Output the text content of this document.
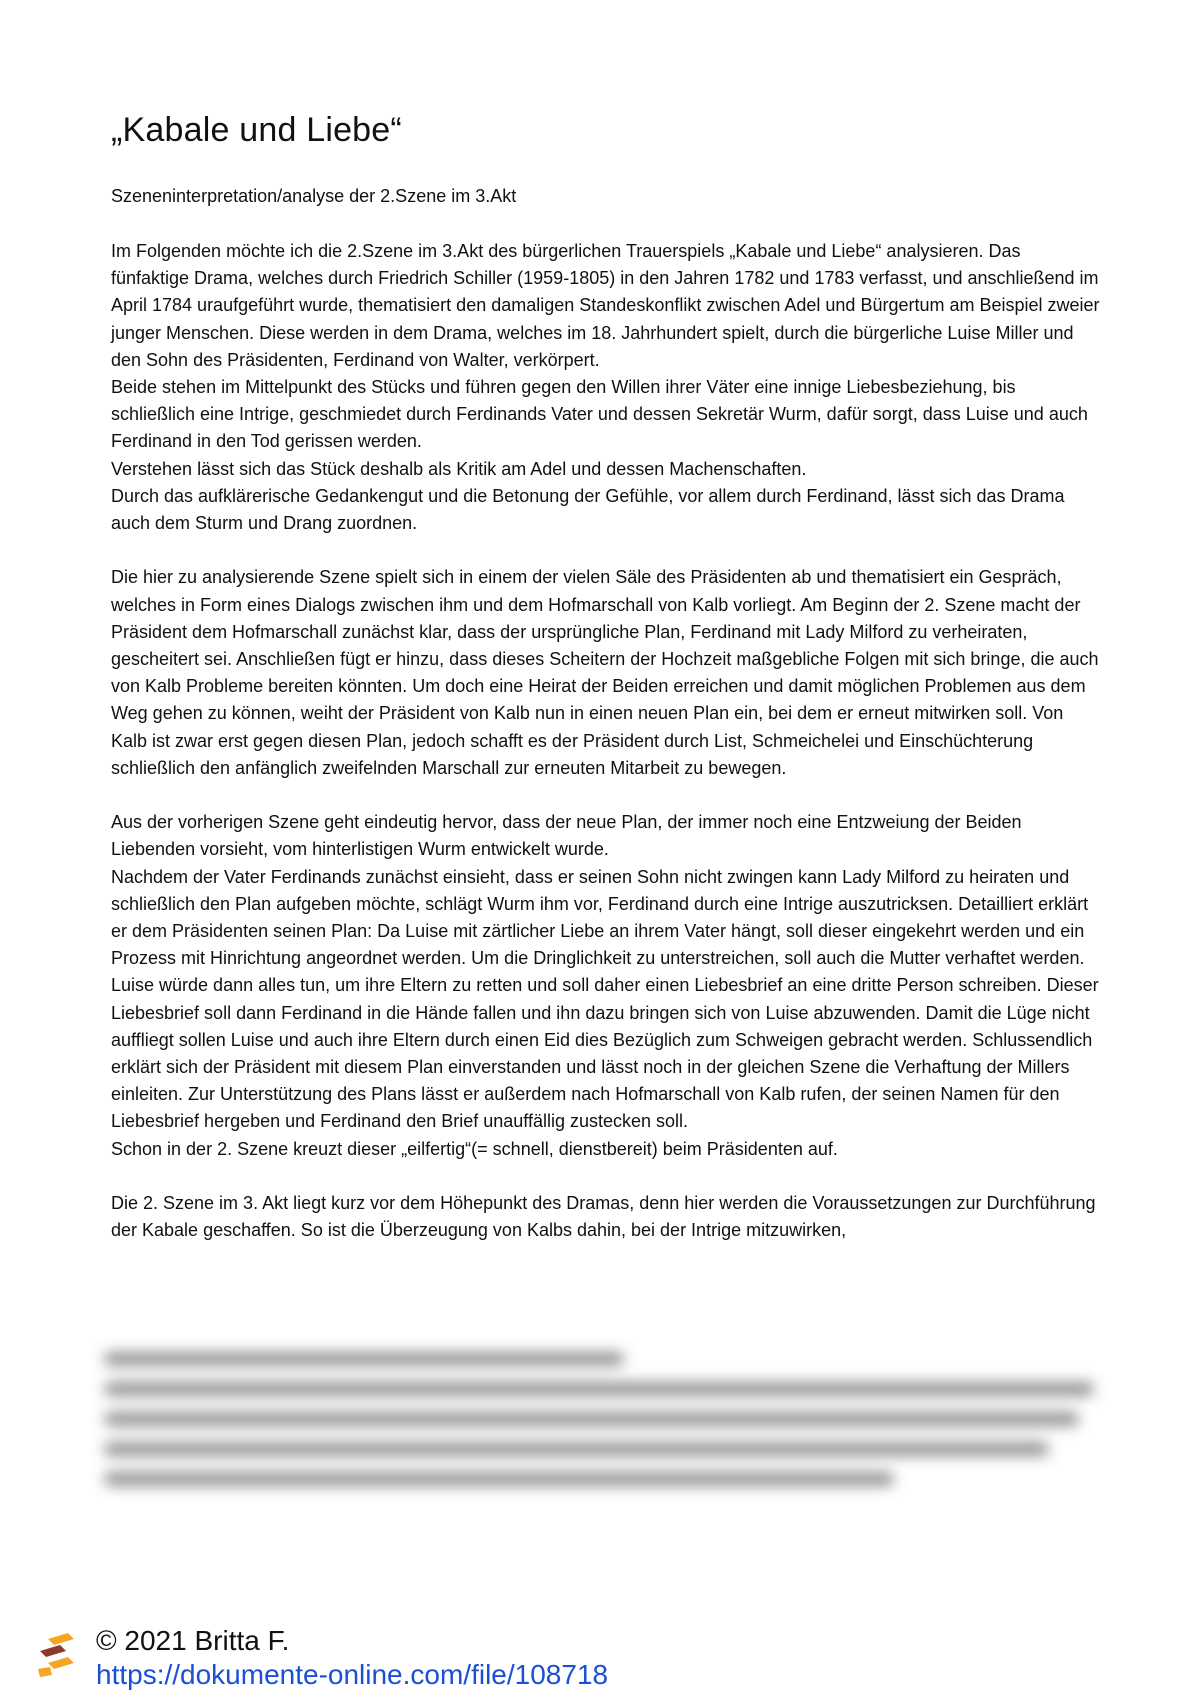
„Kabale und Liebe“
Szeneninterpretation/analyse der 2.Szene im 3.Akt
Im Folgenden möchte ich die 2.Szene im 3.Akt des bürgerlichen Trauerspiels „Kabale und Liebe“ analysieren. Das fünfaktige Drama, welches durch Friedrich Schiller (1959-1805) in den Jahren 1782 und 1783 verfasst, und anschließend im April 1784 uraufgeführt wurde, thematisiert den damaligen Standeskonflikt zwischen Adel und Bürgertum am Beispiel zweier junger Menschen. Diese werden in dem Drama, welches im 18. Jahrhundert spielt, durch die bürgerliche Luise Miller und den Sohn des Präsidenten, Ferdinand von Walter, verkörpert.
Beide stehen im Mittelpunkt des Stücks und führen gegen den Willen ihrer Väter eine innige Liebesbeziehung, bis schließlich eine Intrige, geschmiedet durch Ferdinands Vater und dessen Sekretär Wurm, dafür sorgt, dass Luise und auch Ferdinand in den Tod gerissen werden.
Verstehen lässt sich das Stück deshalb als Kritik am Adel und dessen Machenschaften.
Durch das aufklärerische Gedankengut und die Betonung der Gefühle, vor allem durch Ferdinand, lässt sich das Drama auch dem Sturm und Drang zuordnen.
Die hier zu analysierende Szene spielt sich in einem der vielen Säle des Präsidenten ab und thematisiert ein Gespräch, welches in Form eines Dialogs zwischen ihm und dem Hofmarschall von Kalb vorliegt. Am Beginn der 2. Szene macht der Präsident dem Hofmarschall zunächst klar, dass der ursprüngliche Plan, Ferdinand mit Lady Milford zu verheiraten, gescheitert sei. Anschließen fügt er hinzu, dass dieses Scheitern der Hochzeit maßgebliche Folgen mit sich bringe, die auch von Kalb Probleme bereiten könnten. Um doch eine Heirat der Beiden erreichen und damit möglichen Problemen aus dem Weg gehen zu können, weiht der Präsident von Kalb nun in einen neuen Plan ein, bei dem er erneut mitwirken soll. Von Kalb ist zwar erst gegen diesen Plan, jedoch schafft es der Präsident durch List, Schmeichelei und Einschüchterung schließlich den anfänglich zweifelnden Marschall zur erneuten Mitarbeit zu bewegen.
Aus der vorherigen Szene geht eindeutig hervor, dass der neue Plan, der immer noch eine Entzweiung der Beiden Liebenden vorsieht, vom hinterlistigen Wurm entwickelt wurde.
Nachdem der Vater Ferdinands zunächst einsieht, dass er seinen Sohn nicht zwingen kann Lady Milford zu heiraten und schließlich den Plan aufgeben möchte, schlägt Wurm ihm vor, Ferdinand durch eine Intrige auszutricksen. Detailliert erklärt er dem Präsidenten seinen Plan: Da Luise mit zärtlicher Liebe an ihrem Vater hängt, soll dieser eingekehrt werden und ein Prozess mit Hinrichtung angeordnet werden. Um die Dringlichkeit zu unterstreichen, soll auch die Mutter verhaftet werden. Luise würde dann alles tun, um ihre Eltern zu retten und soll daher einen Liebesbrief an eine dritte Person schreiben. Dieser Liebesbrief soll dann Ferdinand in die Hände fallen und ihn dazu bringen sich von Luise abzuwenden. Damit die Lüge nicht auffliegt sollen Luise und auch ihre Eltern durch einen Eid dies Bezüglich zum Schweigen gebracht werden. Schlussendlich erklärt sich der Präsident mit diesem Plan einverstanden und lässt noch in der gleichen Szene die Verhaftung der Millers einleiten. Zur Unterstützung des Plans lässt er außerdem nach Hofmarschall von Kalb rufen, der seinen Namen für den Liebesbrief hergeben und Ferdinand den Brief unauffällig zustecken soll.
Schon in der 2. Szene kreuzt dieser „eilfertig“(= schnell, dienstbereit) beim Präsidenten auf.
Die 2. Szene im 3. Akt liegt kurz vor dem Höhepunkt des Dramas, denn hier werden die Voraussetzungen zur Durchführung der Kabale geschaffen. So ist die Überzeugung von Kalbs dahin, bei der Intrige mitzuwirken,
© 2021 Britta F.
https://dokumente-online.com/file/108718
